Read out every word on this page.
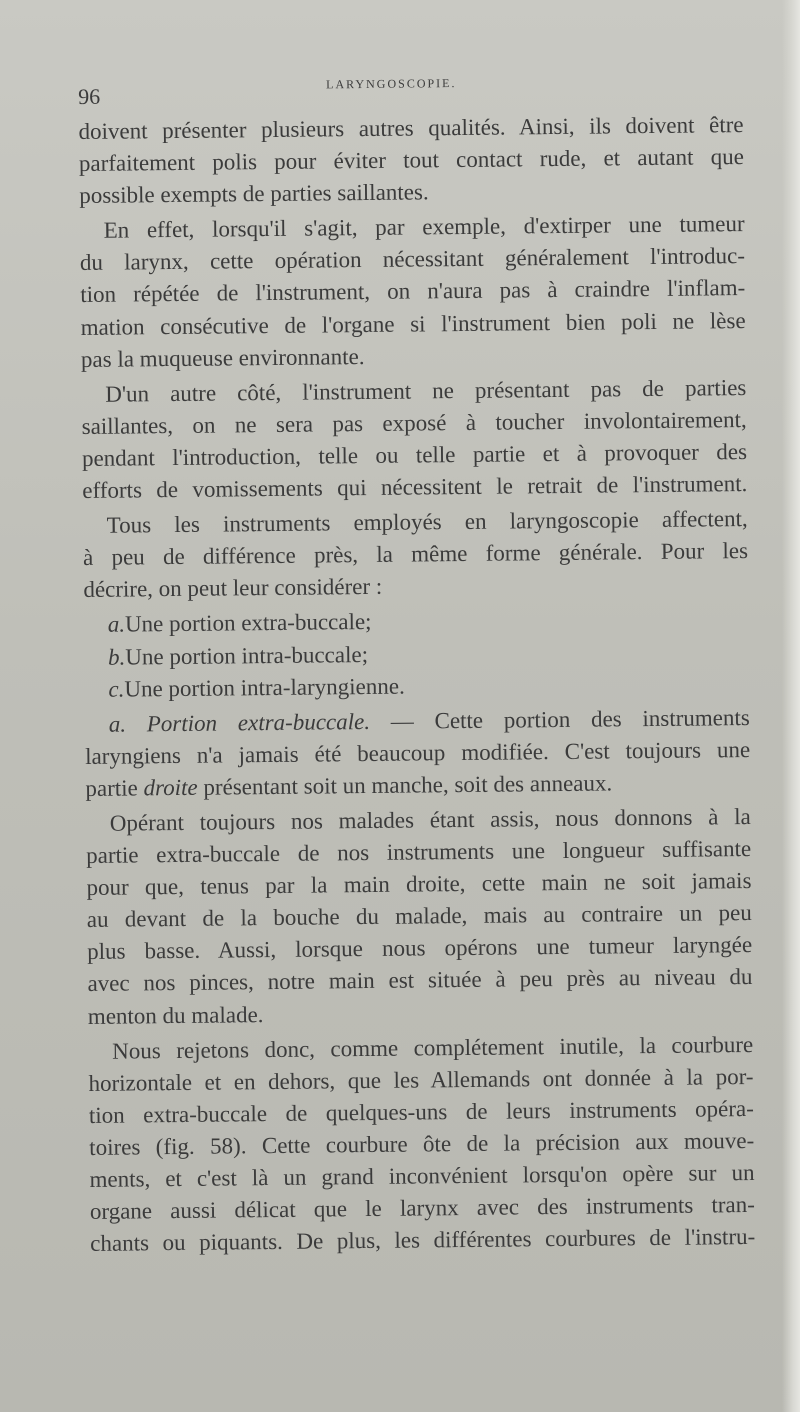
96
LARYNGOSCOPIE.
doivent présenter plusieurs autres qualités. Ainsi, ils doivent être
parfaitement polis pour éviter tout contact rude, et autant que
possible exempts de parties saillantes.
En effet, lorsqu'il s'agit, par exemple, d'extirper une tumeur
du larynx, cette opération nécessitant généralement l'introduc-
tion répétée de l'instrument, on n'aura pas à craindre l'inflam-
mation consécutive de l'organe si l'instrument bien poli ne lèse
pas la muqueuse environnante.
D'un autre côté, l'instrument ne présentant pas de parties
saillantes, on ne sera pas exposé à toucher involontairement,
pendant l'introduction, telle ou telle partie et à provoquer des
efforts de vomissements qui nécessitent le retrait de l'instrument.
Tous les instruments employés en laryngoscopie affectent,
à peu de différence près, la même forme générale. Pour les
décrire, on peut leur considérer :
a.Une portion extra-buccale;
b.Une portion intra-buccale;
c.Une portion intra-laryngienne.
a. Portion extra-buccale. — Cette portion des instruments
laryngiens n'a jamais été beaucoup modifiée. C'est toujours une
partie droite présentant soit un manche, soit des anneaux.
Opérant toujours nos malades étant assis, nous donnons à la
partie extra-buccale de nos instruments une longueur suffisante
pour que, tenus par la main droite, cette main ne soit jamais
au devant de la bouche du malade, mais au contraire un peu
plus basse. Aussi, lorsque nous opérons une tumeur laryngée
avec nos pinces, notre main est située à peu près au niveau du
menton du malade.
Nous rejetons donc, comme complétement inutile, la courbure
horizontale et en dehors, que les Allemands ont donnée à la por-
tion extra-buccale de quelques-uns de leurs instruments opéra-
toires (fig. 58). Cette courbure ôte de la précision aux mouve-
ments, et c'est là un grand inconvénient lorsqu'on opère sur un
organe aussi délicat que le larynx avec des instruments tran-
chants ou piquants. De plus, les différentes courbures de l'instru-
